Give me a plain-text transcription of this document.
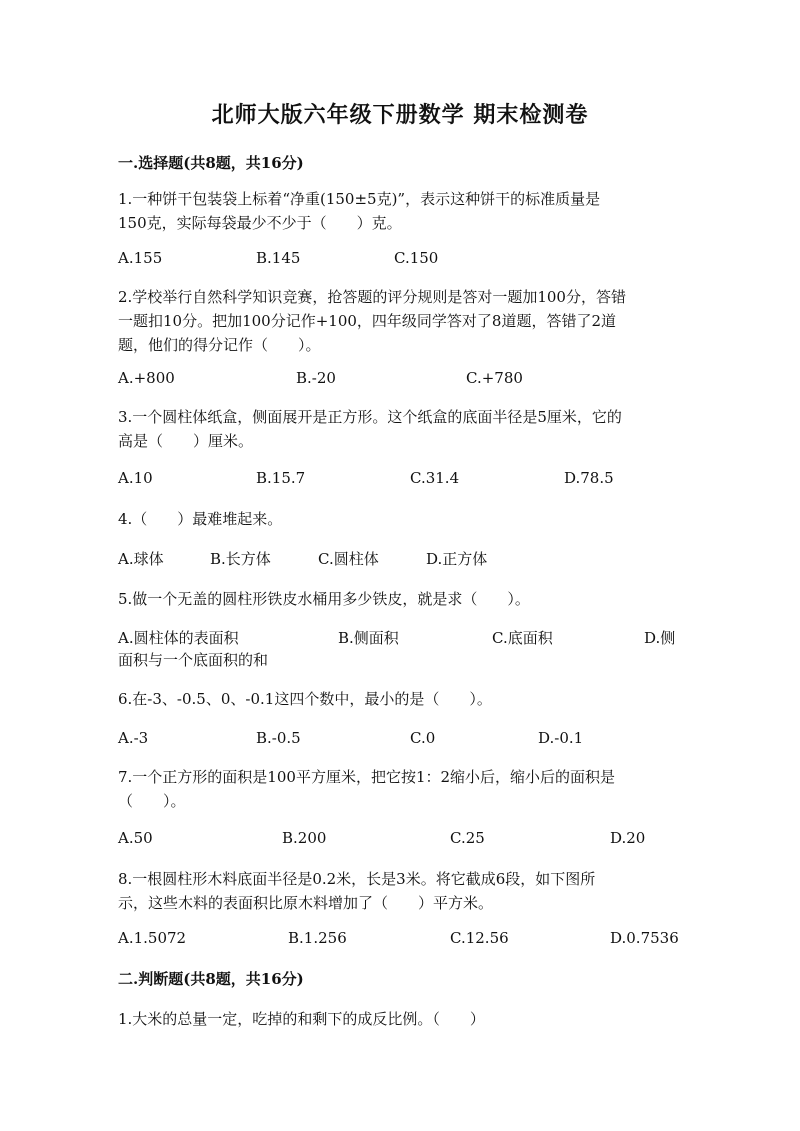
北师大版六年级下册数学 期末检测卷
一.选择题(共8题，共16分)
1.一种饼干包装袋上标着“净重(150±5克)”，表示这种饼干的标准质量是
150克，实际每袋最少不少于（　　）克。
A.155	B.145	C.150
2.学校举行自然科学知识竞赛，抢答题的评分规则是答对一题加100分，答错
一题扣10分。把加100分记作+100，四年级同学答对了8道题，答错了2道
题，他们的得分记作（　　）。
A.+800	B.-20	C.+780
3.一个圆柱体纸盒，侧面展开是正方形。这个纸盒的底面半径是5厘米，它的
高是（　　）厘米。
A.10	B.15.7	C.31.4	D.78.5
4.（　　）最难堆起来。
A.球体	B.长方体	C.圆柱体	D.正方体
5.做一个无盖的圆柱形铁皮水桶用多少铁皮，就是求（　　）。
A.圆柱体的表面积	B.侧面积	C.底面积	D.侧
面积与一个底面积的和
6.在-3、-0.5、0、-0.1这四个数中，最小的是（　　）。
A.-3	B.-0.5	C.0	D.-0.1
7.一个正方形的面积是100平方厘米，把它按1：2缩小后，缩小后的面积是
（　　）。
A.50	B.200	C.25	D.20
8.一根圆柱形木料底面半径是0.2米，长是3米。将它截成6段，如下图所
示，这些木料的表面积比原木料增加了（　　）平方米。
A.1.5072	B.1.256	C.12.56	D.0.7536
二.判断题(共8题，共16分)
1.大米的总量一定，吃掉的和剩下的成反比例。（　　）
